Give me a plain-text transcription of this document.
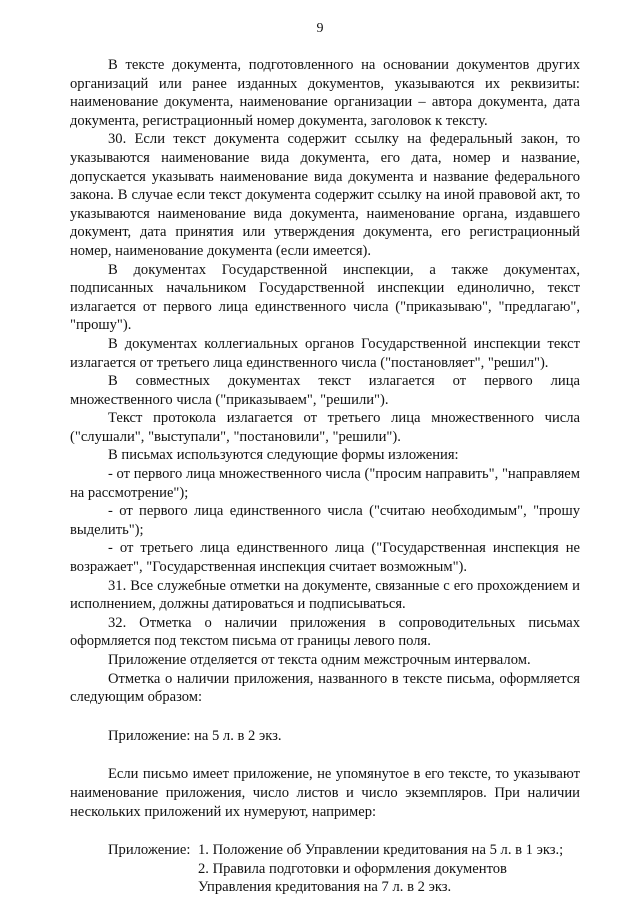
9

В тексте документа, подготовленного на основании документов других организаций или ранее изданных документов, указываются их реквизиты: наименование документа, наименование организации – автора документа, дата документа, регистрационный номер документа, заголовок к тексту.

30. Если текст документа содержит ссылку на федеральный закон, то указываются наименование вида документа, его дата, номер и название, допускается указывать наименование вида документа и название федерального закона. В случае если текст документа содержит ссылку на иной правовой акт, то указываются наименование вида документа, наименование органа, издавшего документ, дата принятия или утверждения документа, его регистрационный номер, наименование документа (если имеется).

В документах Государственной инспекции, а также документах, подписанных начальником Государственной инспекции единолично, текст излагается от первого лица единственного числа ("приказываю", "предлагаю", "прошу").

В документах коллегиальных органов Государственной инспекции текст излагается от третьего лица единственного числа ("постановляет", "решил").

В совместных документах текст излагается от первого лица множественного числа ("приказываем", "решили").

Текст протокола излагается от третьего лица множественного числа ("слушали", "выступали", "постановили", "решили").

В письмах используются следующие формы изложения:

- от первого лица множественного числа ("просим направить", "направляем на рассмотрение");

- от первого лица единственного числа ("считаю необходимым", "прошу выделить");

- от третьего лица единственного лица ("Государственная инспекция не возражает", "Государственная инспекция считает возможным").

31. Все служебные отметки на документе, связанные с его прохождением и исполнением, должны датироваться и подписываться.

32. Отметка о наличии приложения в сопроводительных письмах оформляется под текстом письма от границы левого поля.

Приложение отделяется от текста одним межстрочным интервалом.

Отметка о наличии приложения, названного в тексте письма, оформляется следующим образом:

Приложение: на 5 л. в 2 экз.

Если письмо имеет приложение, не упомянутое в его тексте, то указывают наименование приложения, число листов и число экземпляров. При наличии нескольких приложений их нумеруют, например:

Приложение: 1. Положение об Управлении кредитования на 5 л. в 1 экз.;
2. Правила подготовки и оформления документов
Управления кредитования на 7 л. в 2 экз.
